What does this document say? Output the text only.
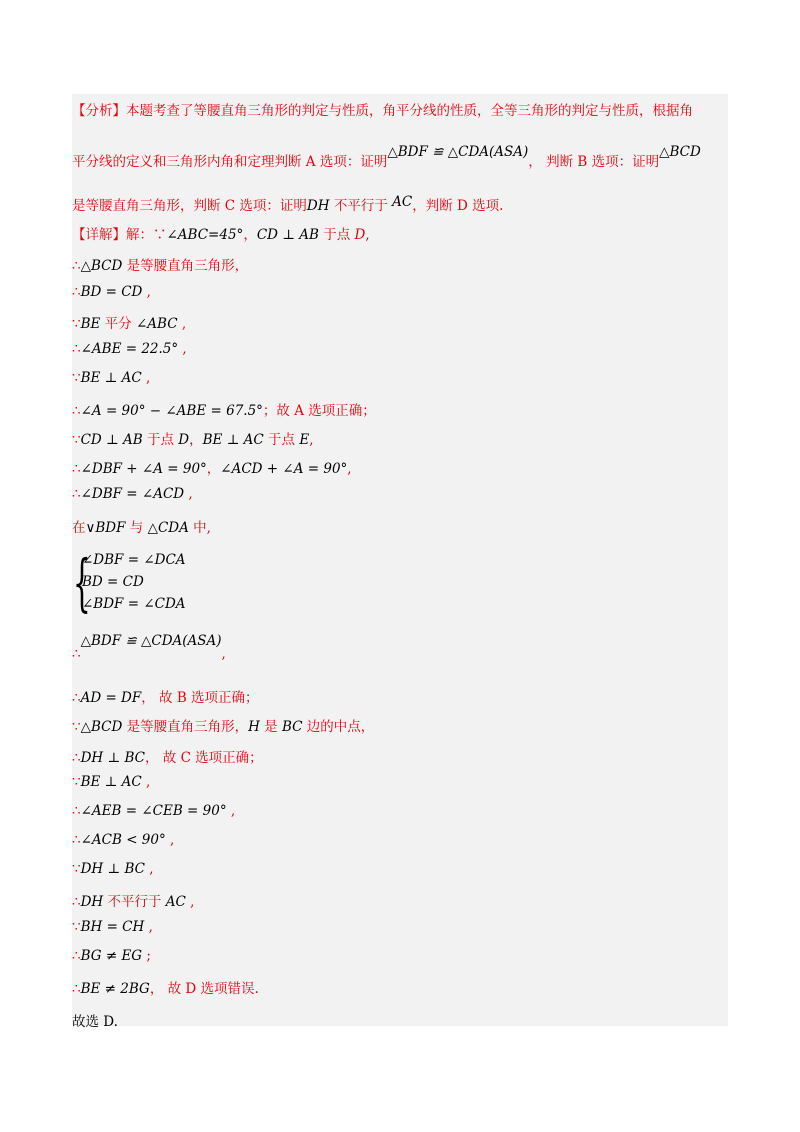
【分析】本题考查了等腰直角三角形的判定与性质，角平分线的性质，全等三角形的判定与性质，根据角
平分线的定义和三角形内角和定理判断 A 选项：证明△BDF ≌ △CDA(ASA)， 判断 B 选项：证明△BCD
是等腰直角三角形，判断 C 选项：证明DH 不平行于 AC，判断 D 选项.
【详解】解：∵∠ABC=45°，CD ⊥ AB 于点 D,
∴△BCD 是等腰直角三角形，
∴BD = CD ,
∵BE 平分 ∠ABC ,
∴∠ABE = 22.5° ,
∵BE ⊥ AC ,
∴∠A = 90° − ∠ABE = 67.5°；故 A 选项正确；
∵CD ⊥ AB 于点 D，BE ⊥ AC 于点 E,
∴∠DBF + ∠A = 90°，∠ACD + ∠A = 90°,
∴∠DBF = ∠ACD ,
在∨BDF 与 △CDA 中,
{
∠DBF = ∠DCA
BD = CD
∠BDF = ∠CDA
∴△BDF ≌ △CDA(ASA),
∴AD = DF， 故 B 选项正确；
∵△BCD 是等腰直角三角形，H 是 BC 边的中点，
∴DH ⊥ BC， 故 C 选项正确；
∵BE ⊥ AC ,
∴∠AEB = ∠CEB = 90° ,
∴∠ACB < 90° ,
∵DH ⊥ BC ,
∴DH 不平行于 AC ,
∵BH = CH ,
∴BG ≠ EG ;
∴BE ≠ 2BG， 故 D 选项错误.
故选 D.
